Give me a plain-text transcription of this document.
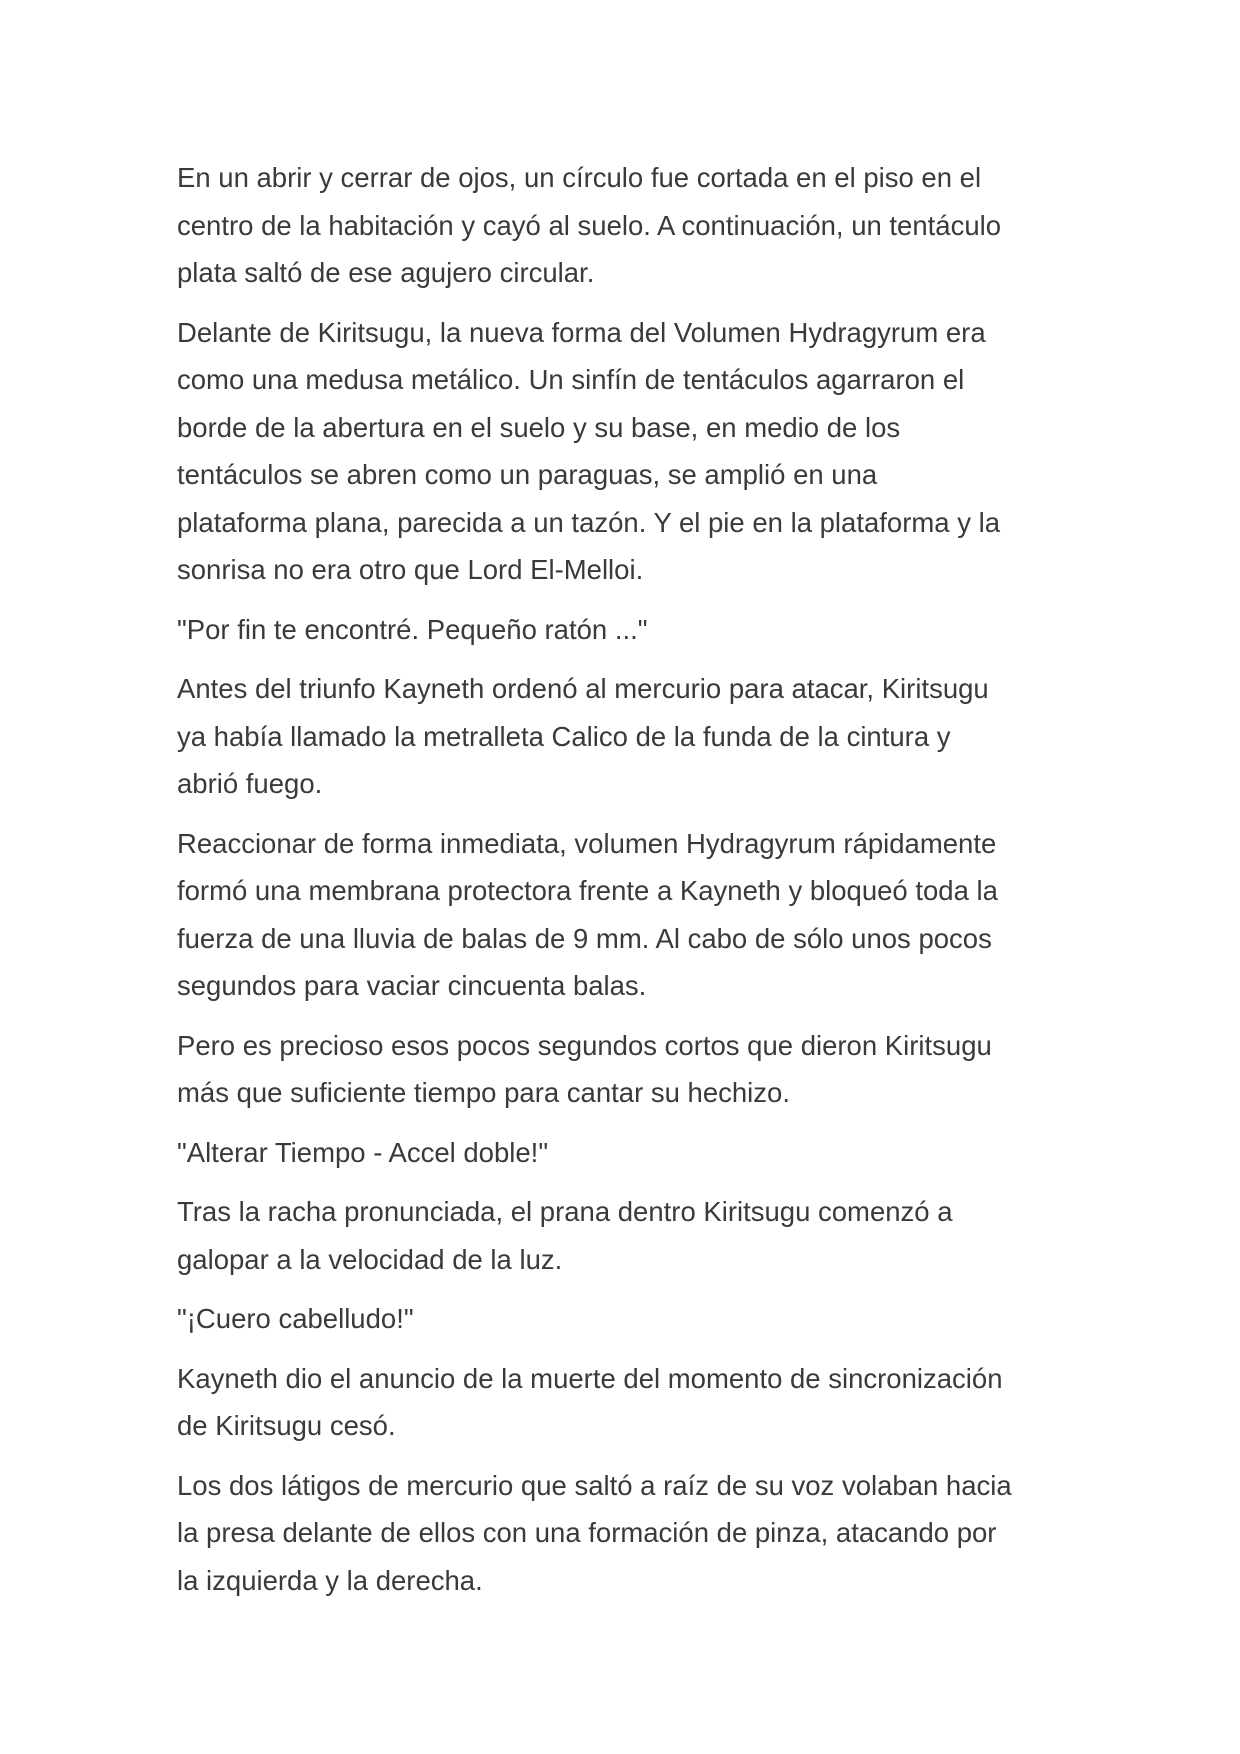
En un abrir y cerrar de ojos, un círculo fue cortada en el piso en el
centro de la habitación y cayó al suelo. A continuación, un tentáculo
plata saltó de ese agujero circular.

Delante de Kiritsugu, la nueva forma del Volumen Hydragyrum era
como una medusa metálico. Un sinfín de tentáculos agarraron el
borde de la abertura en el suelo y su base, en medio de los
tentáculos se abren como un paraguas, se amplió en una
plataforma plana, parecida a un tazón. Y el pie en la plataforma y la
sonrisa no era otro que Lord El-Melloi.

"Por fin te encontré. Pequeño ratón ..."

Antes del triunfo Kayneth ordenó al mercurio para atacar, Kiritsugu
ya había llamado la metralleta Calico de la funda de la cintura y
abrió fuego.

Reaccionar de forma inmediata, volumen Hydragyrum rápidamente
formó una membrana protectora frente a Kayneth y bloqueó toda la
fuerza de una lluvia de balas de 9 mm. Al cabo de sólo unos pocos
segundos para vaciar cincuenta balas.

Pero es precioso esos pocos segundos cortos que dieron Kiritsugu
más que suficiente tiempo para cantar su hechizo.

"Alterar Tiempo - Accel doble!"

Tras la racha pronunciada, el prana dentro Kiritsugu comenzó a
galopar a la velocidad de la luz.

"¡Cuero cabelludo!"

Kayneth dio el anuncio de la muerte del momento de sincronización
de Kiritsugu cesó.

Los dos látigos de mercurio que saltó a raíz de su voz volaban hacia
la presa delante de ellos con una formación de pinza, atacando por
la izquierda y la derecha.
